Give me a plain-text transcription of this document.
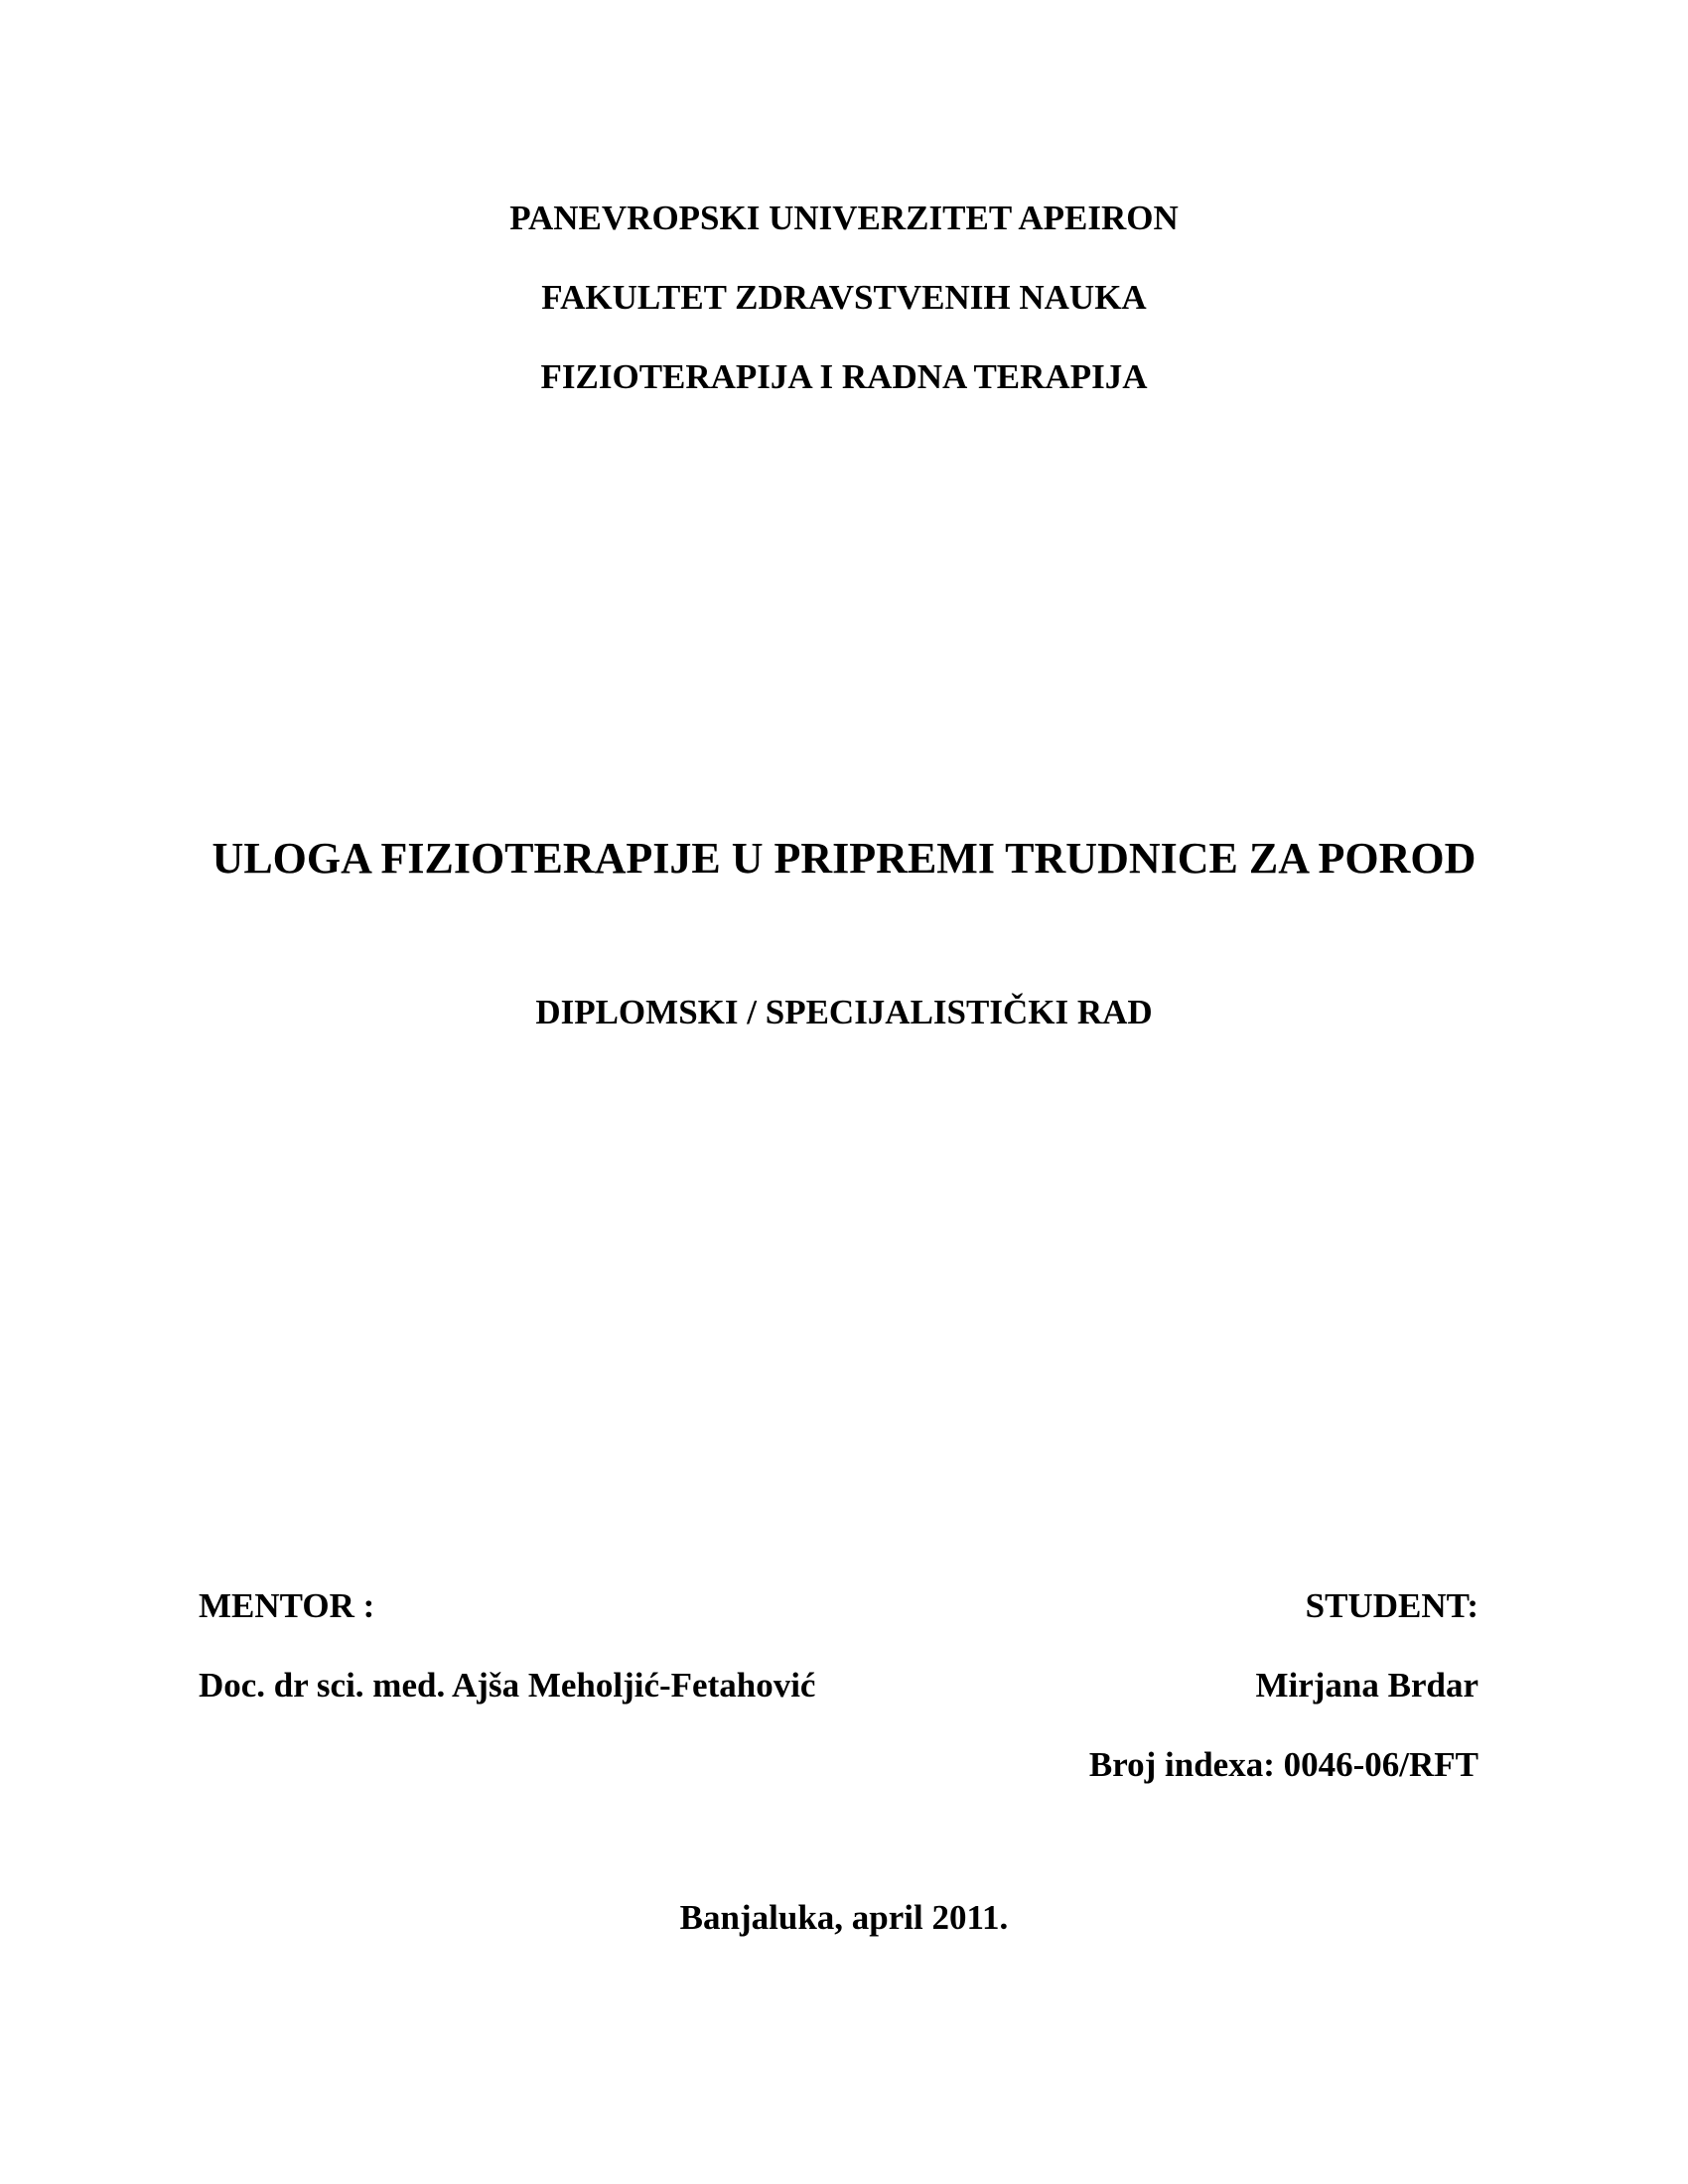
PANEVROPSKI UNIVERZITET APEIRON
FAKULTET ZDRAVSTVENIH NAUKA
FIZIOTERAPIJA I RADNA TERAPIJA
ULOGA FIZIOTERAPIJE U PRIPREMI TRUDNICE ZA POROD
DIPLOMSKI / SPECIJALISTIČKI RAD
MENTOR :
Doc. dr sci. med. Ajša Meholjić-Fetahović
STUDENT:
Mirjana Brdar
Broj indexa: 0046-06/RFT
Banjaluka, april 2011.
